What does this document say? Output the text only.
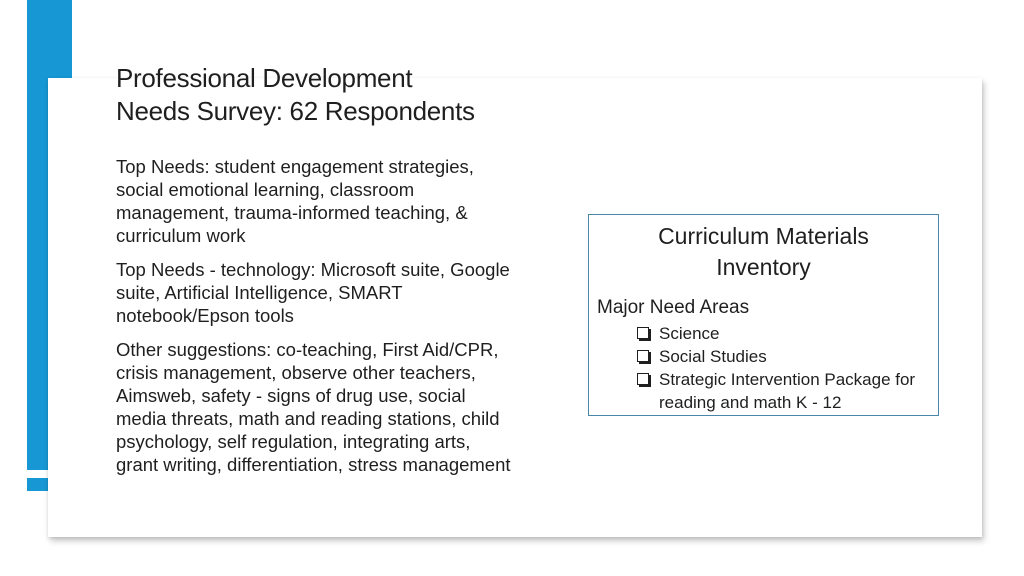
Professional Development
Needs Survey: 62 Respondents

Top Needs: student engagement strategies, social emotional learning, classroom management, trauma-informed teaching, & curriculum work

Top Needs - technology: Microsoft suite, Google suite, Artificial Intelligence, SMART notebook/Epson tools

Other suggestions: co-teaching, First Aid/CPR, crisis management, observe other teachers, Aimsweb, safety - signs of drug use, social media threats, math and reading stations, child psychology, self regulation, integrating arts, grant writing, differentiation, stress management

Curriculum Materials
Inventory
Major Need Areas
Science
Social Studies
Strategic Intervention Package for reading and math K - 12
